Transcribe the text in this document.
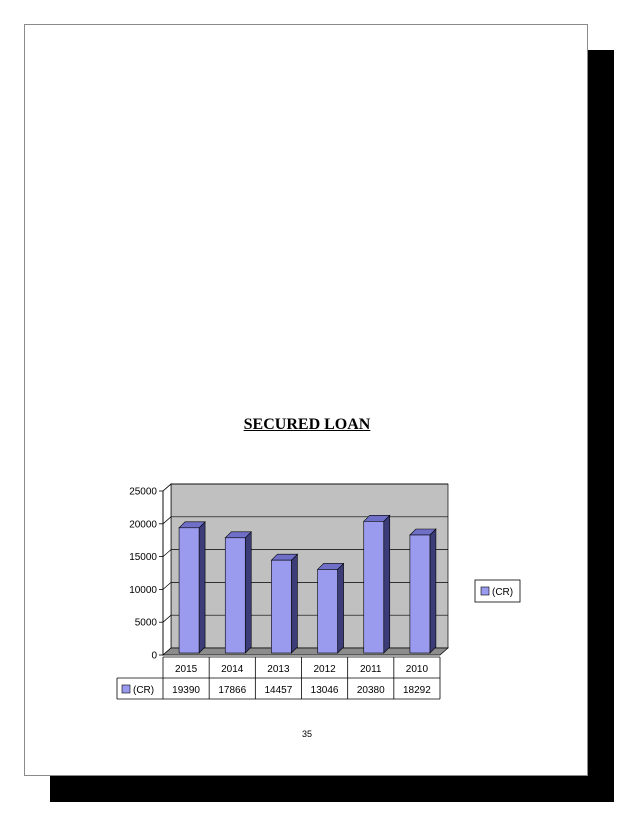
SECURED LOAN
0
5000
10000
15000
20000
25000
2015 2014 2013 2012 2011 2010
19390 17866 14457 13046 20380 18292
(CR)
(CR)
35
